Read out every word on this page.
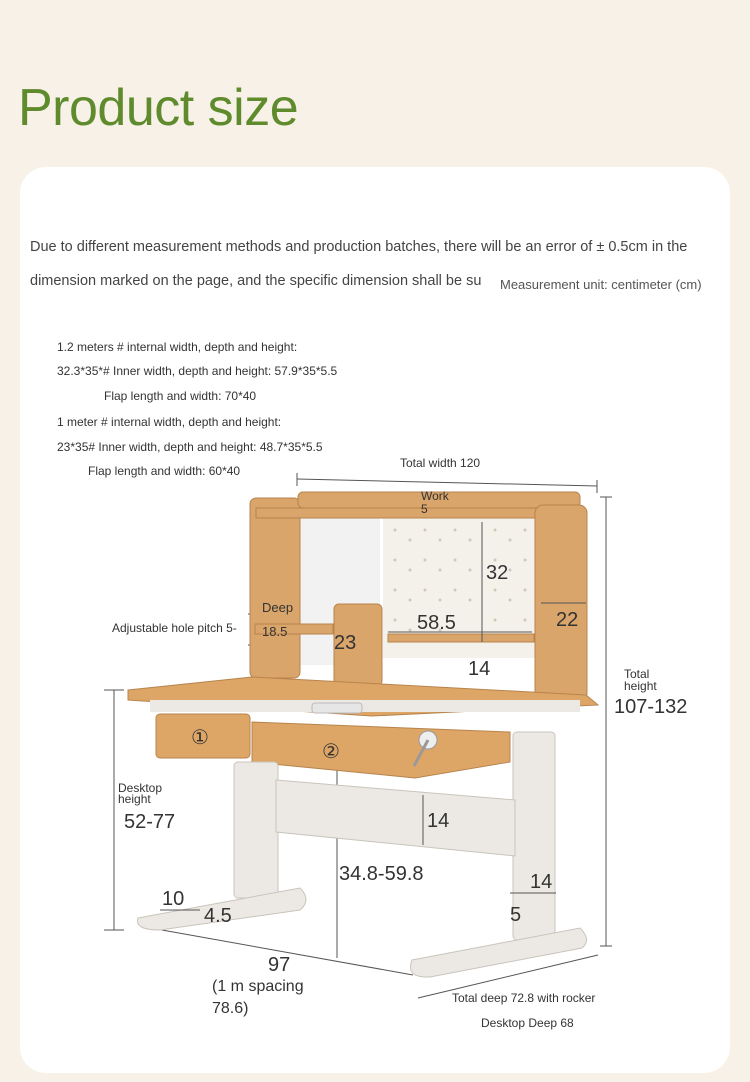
Product size
Due to different measurement methods and production batches, there will be an error of ± 0.5cm in the
dimension marked on the page, and the specific dimension shall be su	Measurement unit: centimeter (cm)
1.2 meters # internal width, depth and height:
32.3*35*# Inner width, depth and height: 57.9*35*5.5
Flap length and width: 70*40
1 meter # internal width, depth and height:
23*35# Inner width, depth and height: 48.7*35*5.5
Flap length and width: 60*40
Total width 120
Work
5
32
22
Deep
18.5
Adjustable hole pitch 5-
23
58.5
14	Total
height
107-132
①
②
Desktop
height
52-77	14
34.8-59.8	14
5
10
4.5
97
(1 m spacing
78.6)
Total deep 72.8 with rocker
Desktop Deep 68
